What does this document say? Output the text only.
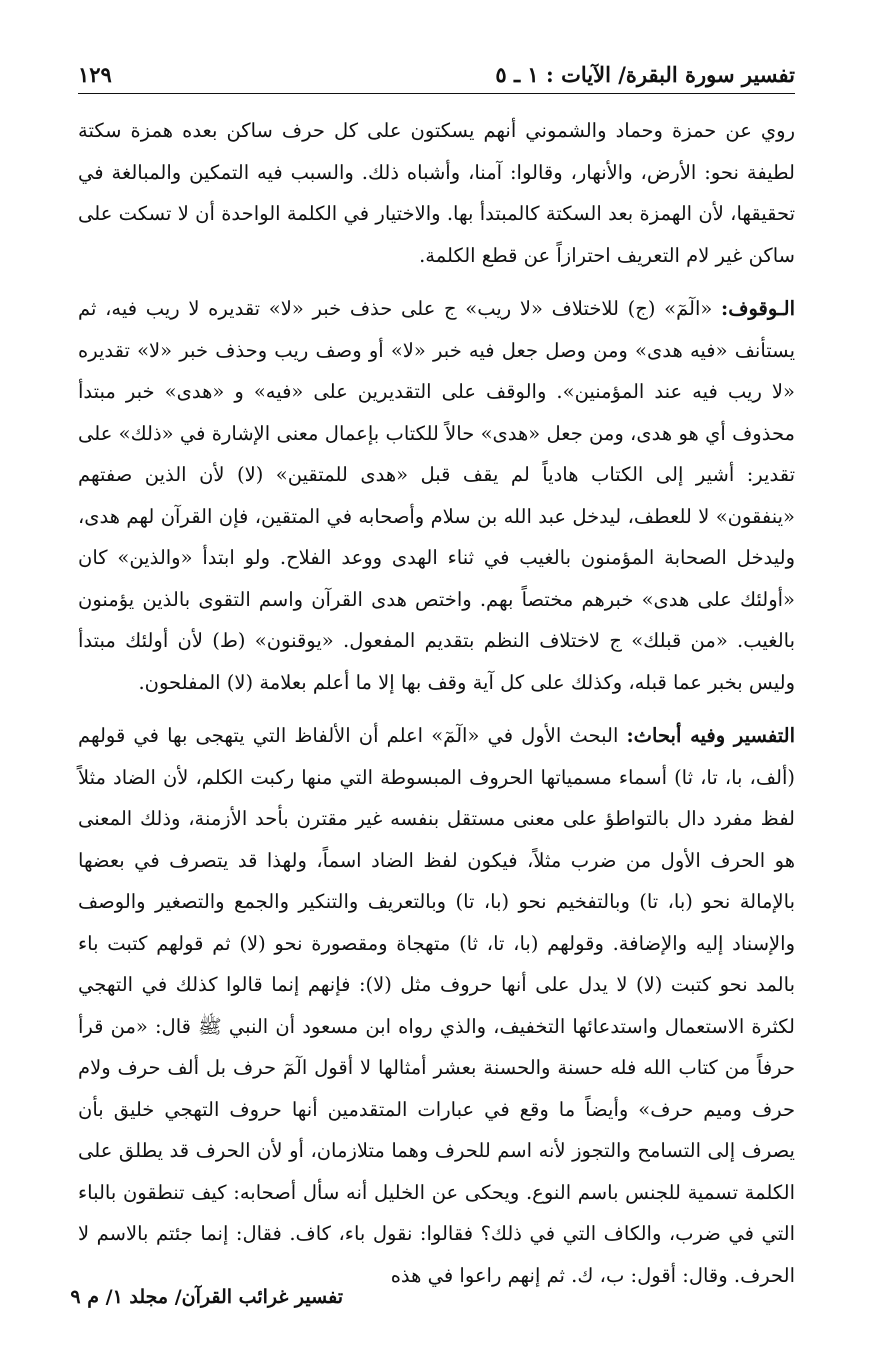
تفسير سورة البقرة/ الآيات : ١ ـ ٥
١٢٩

روي عن حمزة وحماد والشموني أنهم يسكتون على كل حرف ساكن بعده همزة سكتة لطيفة نحو: الأرض، والأنهار، وقالوا: آمنا، وأشباه ذلك. والسبب فيه التمكين والمبالغة في تحقيقها، لأن الهمزة بعد السكتة كالمبتدأ بها. والاختيار في الكلمة الواحدة أن لا تسكت على ساكن غير لام التعريف احترازاً عن قطع الكلمة.

الـوقوف: «الٓمٓ» (ج) للاختلاف «لا ريب» ج على حذف خبر «لا» تقديره لا ريب فيه، ثم يستأنف «فيه هدى» ومن وصل جعل فيه خبر «لا» أو وصف ريب وحذف خبر «لا» تقديره «لا ريب فيه عند المؤمنين». والوقف على التقديرين على «فيه» و «هدى» خبر مبتدأ محذوف أي هو هدى، ومن جعل «هدى» حالاً للكتاب بإعمال معنى الإشارة في «ذلك» على تقدير: أشير إلى الكتاب هادياً لم يقف قبل «هدى للمتقين» (لا) لأن الذين صفتهم «ينفقون» لا للعطف، ليدخل عبد الله بن سلام وأصحابه في المتقين، فإن القرآن لهم هدى، وليدخل الصحابة المؤمنون بالغيب في ثناء الهدى ووعد الفلاح. ولو ابتدأ «والذين» كان «أولئك على هدى» خبرهم مختصاً بهم. واختص هدى القرآن واسم التقوى بالذين يؤمنون بالغيب. «من قبلك» ج لاختلاف النظم بتقديم المفعول. «يوقنون» (ط) لأن أولئك مبتدأ وليس بخبر عما قبله، وكذلك على كل آية وقف بها إلا ما أعلم بعلامة (لا) المفلحون.

التفسير وفيه أبحاث: البحث الأول في «الٓمٓ» اعلم أن الألفاظ التي يتهجى بها في قولهم (ألف، با، تا، ثا) أسماء مسمياتها الحروف المبسوطة التي منها ركبت الكلم، لأن الضاد مثلاً لفظ مفرد دال بالتواطؤ على معنى مستقل بنفسه غير مقترن بأحد الأزمنة، وذلك المعنى هو الحرف الأول من ضرب مثلاً، فيكون لفظ الضاد اسماً، ولهذا قد يتصرف في بعضها بالإمالة نحو (با، تا) وبالتفخيم نحو (با، تا) وبالتعريف والتنكير والجمع والتصغير والوصف والإسناد إليه والإضافة. وقولهم (با، تا، ثا) متهجاة ومقصورة نحو (لا) ثم قولهم كتبت باء بالمد نحو كتبت (لا) لا يدل على أنها حروف مثل (لا): فإنهم إنما قالوا كذلك في التهجي لكثرة الاستعمال واستدعائها التخفيف، والذي رواه ابن مسعود أن النبي ﷺ قال: «من قرأ حرفاً من كتاب الله فله حسنة والحسنة بعشر أمثالها لا أقول الٓمٓ حرف بل ألف حرف ولام حرف وميم حرف» وأيضاً ما وقع في عبارات المتقدمين أنها حروف التهجي خليق بأن يصرف إلى التسامح والتجوز لأنه اسم للحرف وهما متلازمان، أو لأن الحرف قد يطلق على الكلمة تسمية للجنس باسم النوع. ويحكى عن الخليل أنه سأل أصحابه: كيف تنطقون بالباء التي في ضرب، والكاف التي في ذلك؟ فقالوا: نقول باء، كاف. فقال: إنما جئتم بالاسم لا الحرف. وقال: أقول: ب، ك. ثم إنهم راعوا في هذه

تفسير غرائب القرآن/ مجلد ١/ م ٩
